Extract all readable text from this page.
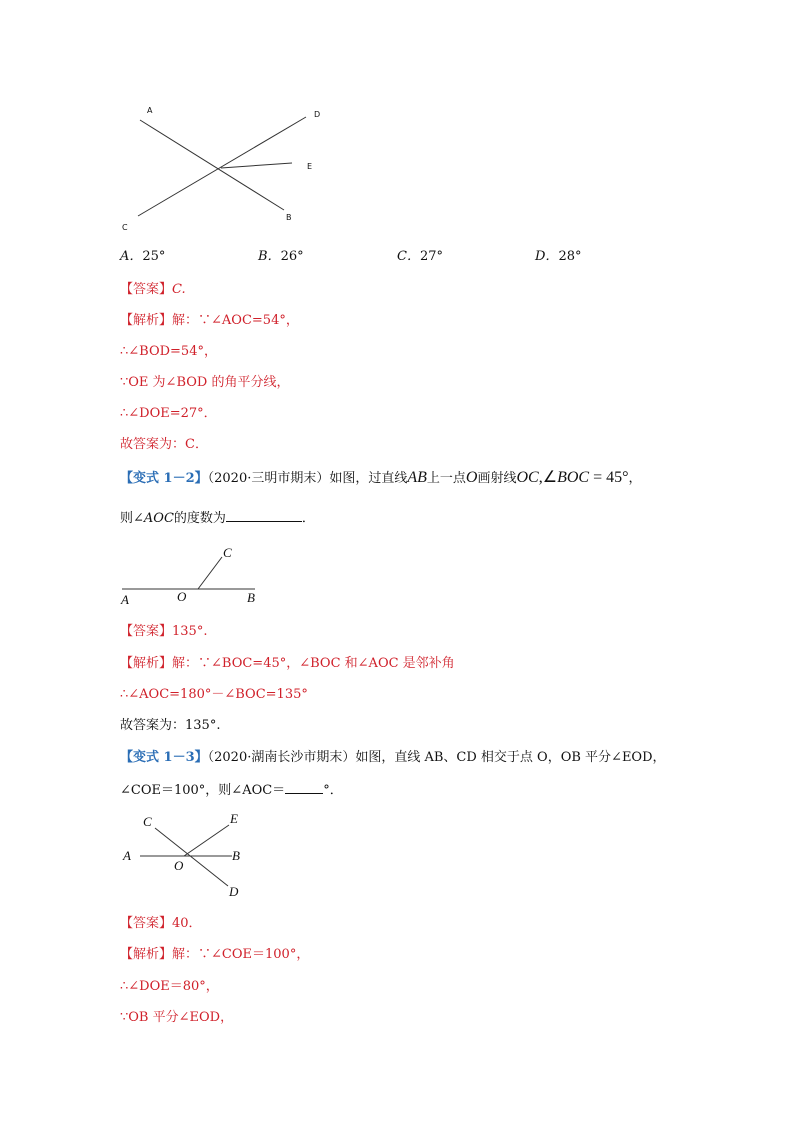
A	D
E
C
B
A．25°	B．26°	C．27°	D．28°
【答案】C.
【解析】解：∵∠AOC=54°，
∴∠BOD=54°，
∵OE 为∠BOD 的角平分线，
∴∠DOE=27°．
故答案为：C．
【变式 1－2】（2020·三明市期末）如图，过直线AB上一点O画射线OC,∠BOC = 45°，
则∠AOC的度数为	．
C
A	O	B
【答案】135°.
【解析】解：∵∠BOC=45°，∠BOC 和∠AOC 是邻补角
∴∠AOC=180°－∠BOC=135°
故答案为：135°.
【变式 1－3】（2020·湖南长沙市期末）如图，直线 AB、CD 相交于点 O，OB 平分∠EOD，
∠COE＝100°，则∠AOC＝	°．
C	E
A	B
O
D
【答案】40．
【解析】解：∵∠COE＝100°，
∴∠DOE＝80°，
∵OB 平分∠EOD，
